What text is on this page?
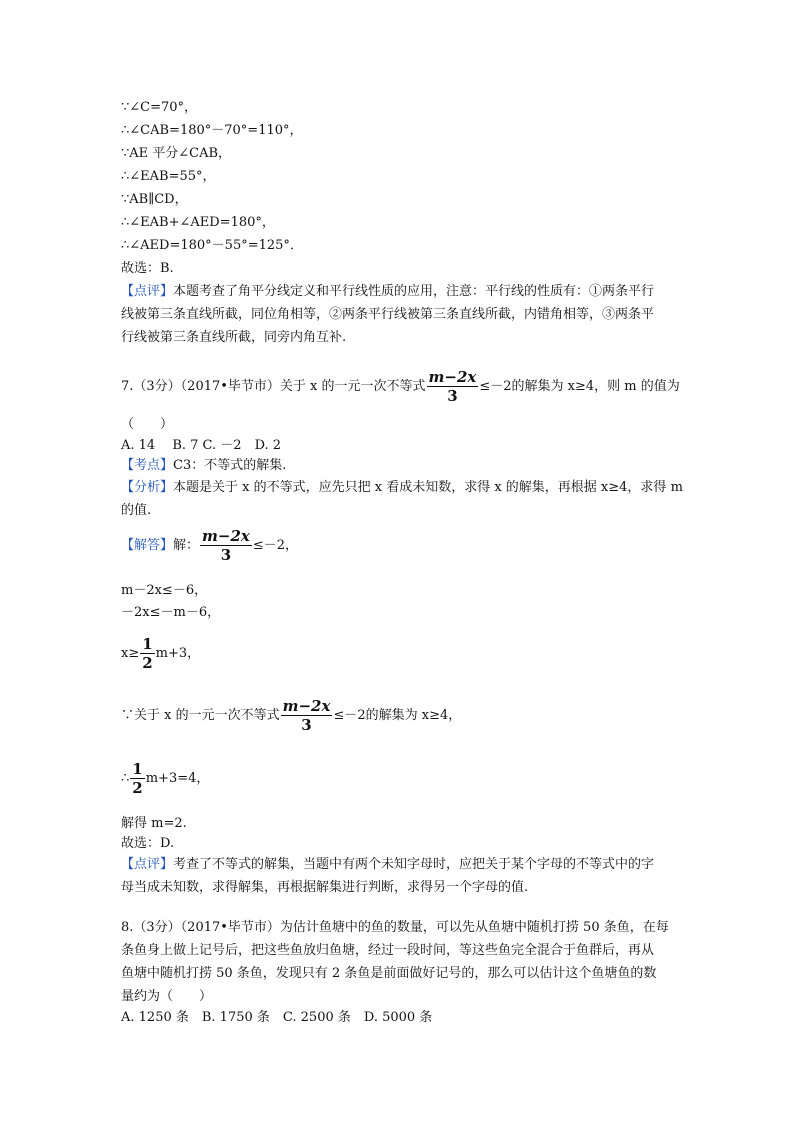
∵∠C=70°，
∴∠CAB=180°－70°=110°，
∵AE 平分∠CAB，
∴∠EAB=55°，
∵AB∥CD，
∴∠EAB+∠AED=180°，
∴∠AED=180°－55°=125°．
故选：B.
【点评】本题考查了角平分线定义和平行线性质的应用，注意：平行线的性质有：①两条平行
线被第三条直线所截，同位角相等，②两条平行线被第三条直线所截，内错角相等，③两条平
行线被第三条直线所截，同旁内角互补.
7.（3分）（2017•毕节市）关于 x 的一元一次不等式 $\frac{m-2x}{3} \le-2$的解集为 x≥4，则 m 的值为
（　　）
A. 14　 B. 7 C. －2　D. 2
【考点】C3：不等式的解集.
【分析】本题是关于 x 的不等式，应先只把 x 看成未知数，求得 x 的解集，再根据 x≥4，求得 m
的值.
【解答】解： $\frac{m-2x}{3} \le-2$，
m－2x≤－6，
－2x≤－m－6，
$x\ge \frac{1}{2} m+3$，
∵关于 x 的一元一次不等式 $\frac{m-2x}{3} \le-2$的解集为 x≥4，
∴ $\frac{1}{2} m+3=4$，
解得 m=2.
故选：D.
【点评】考查了不等式的解集，当题中有两个未知字母时，应把关于某个字母的不等式中的字
母当成未知数，求得解集，再根据解集进行判断，求得另一个字母的值.
8.（3分）（2017•毕节市）为估计鱼塘中的鱼的数量，可以先从鱼塘中随机打捞 50 条鱼，在每
条鱼身上做上记号后，把这些鱼放归鱼塘，经过一段时间，等这些鱼完全混合于鱼群后，再从
鱼塘中随机打捞 50 条鱼，发现只有 2 条鱼是前面做好记号的，那么可以估计这个鱼塘鱼的数
量约为（　　）
A. 1250 条　B. 1750 条　C. 2500 条　D. 5000 条
